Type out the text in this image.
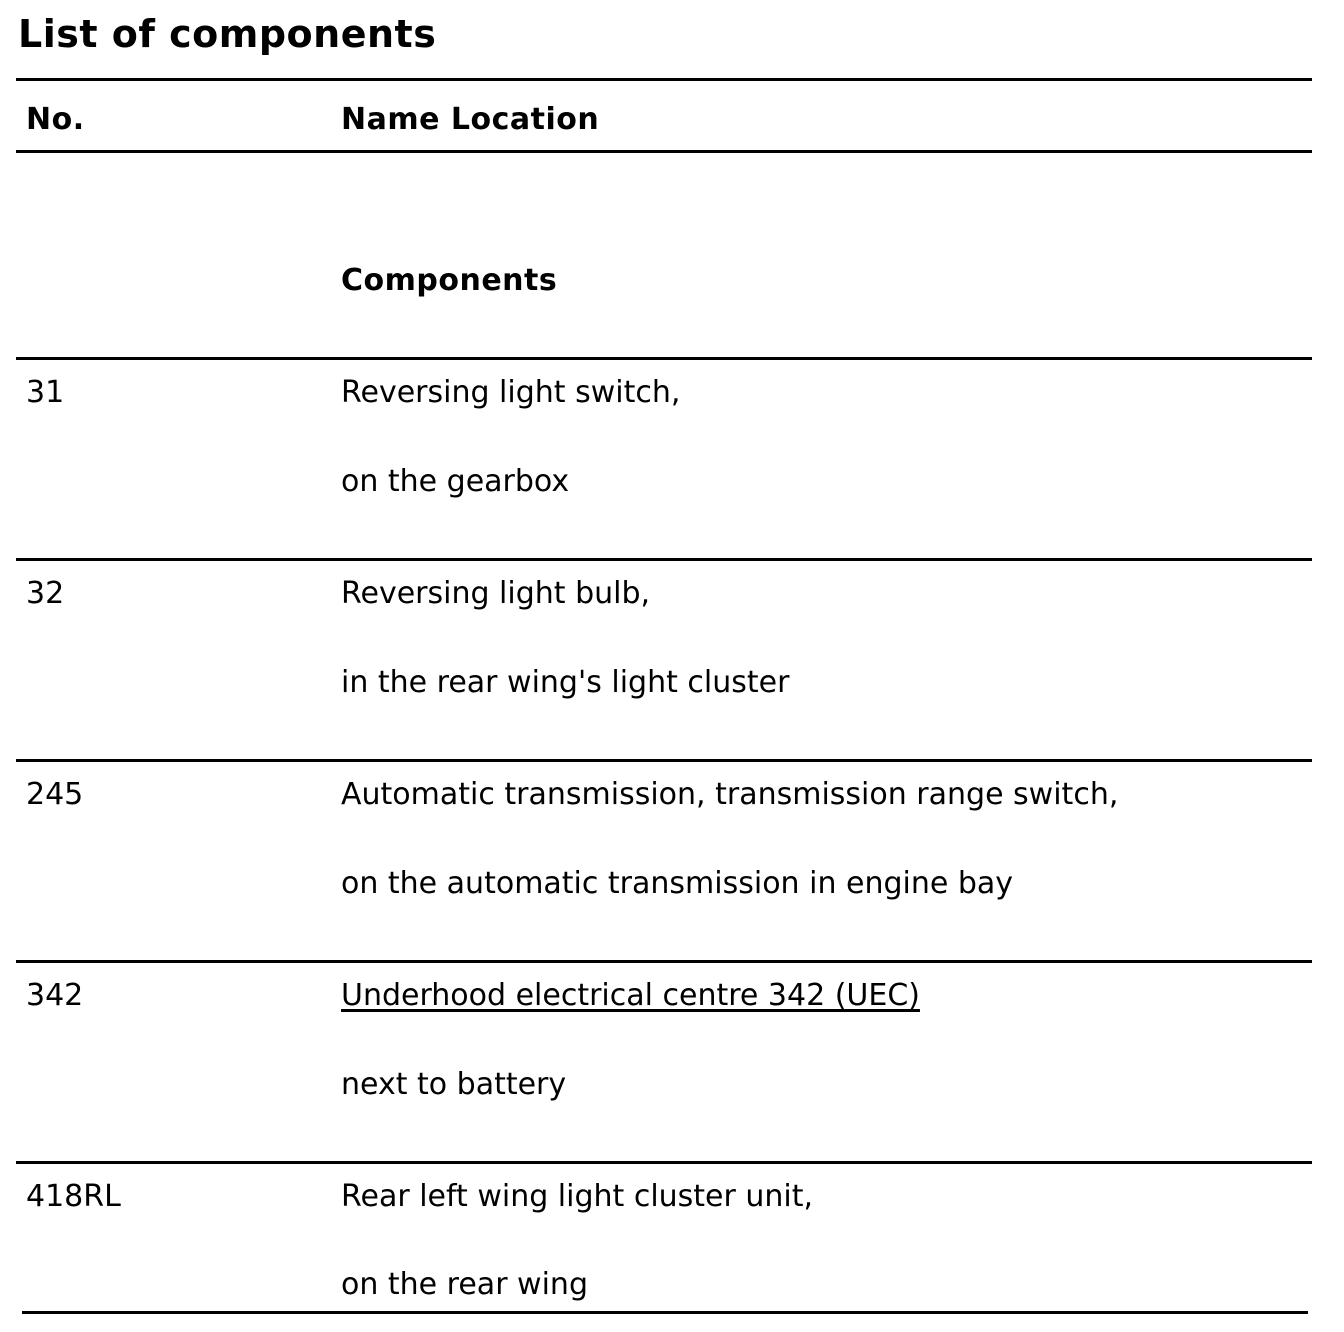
List of components
No.	Name Location
Components
31	Reversing light switch,
on the gearbox
32	Reversing light bulb,
in the rear wing's light cluster
245	Automatic transmission, transmission range switch,
on the automatic transmission in engine bay
342	Underhood electrical centre 342 (UEC)
next to battery
418RL	Rear left wing light cluster unit,
on the rear wing
